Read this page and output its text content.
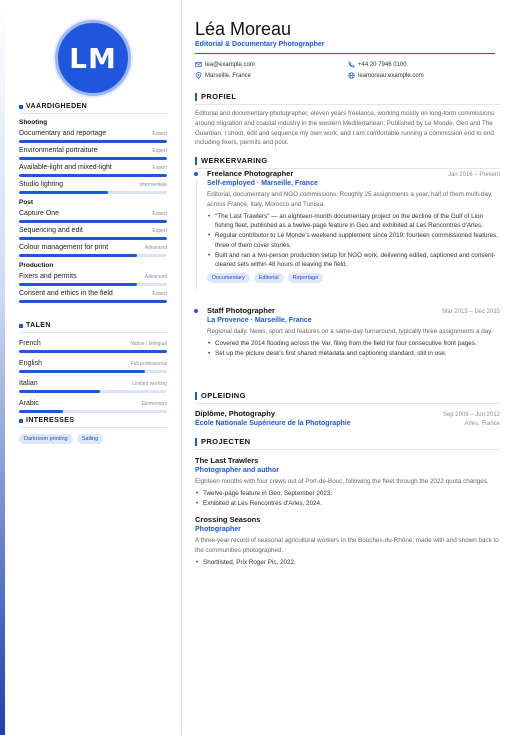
LM
VAARDIGHEDEN
Shooting
Documentary and reportage	Expert
Environmental portraiture	Expert
Available-light and mixed-light	Expert
Studio lighting	Intermediate
Post
Capture One	Expert
Sequencing and edit	Expert
Colour management for print	Advanced
Production
Fixers and permits	Advanced
Consent and ethics in the field	Expert
TALEN
French	Native / bilingual
English	Full professional
Italian	Limited working
Arabic	Elementary
INTERESSES
Darkroom printing	Sailing
Léa Moreau
Editorial & Documentary Photographer
lea@example.com	+44 20 7946 0100
Marseille, France	leamoreau.example.com
PROFIEL

Editorial and documentary photographer, eleven years freelance, working mostly on long-form commissions around migration and coastal industry in the western Mediterranean. Published by Le Monde, Geo and The Guardian. I shoot, edit and sequence my own work, and I am comfortable running a commission end to end including fixers, permits and post.

WERKERVARING
Freelance Photographer	Jan 2016 – Present
Self-employed · Marseille, France

Editorial, documentary and NGO commissions. Roughly 25 assignments a year, half of them multi-day, across France, Italy, Morocco and Tunisia.

• "The Last Trawlers" — an eighteen-month documentary project on the decline of the Gulf of Lion fishing fleet, published as a twelve-page feature in Geo and exhibited at Les Rencontres d'Arles.
• Regular contributor to Le Monde's weekend supplement since 2019; fourteen commissioned features, three of them cover stories.
• Built and ran a two-person production setup for NGO work, delivering edited, captioned and consent-cleared sets within 48 hours of leaving the field.
Documentary	Editorial	Reportage
Staff Photographer	Mar 2013 – Dec 2015
La Provence · Marseille, France

Regional daily. News, sport and features on a same-day turnaround, typically three assignments a day.

• Covered the 2014 flooding across the Var, filing from the field for four consecutive front pages.
• Set up the picture desk's first shared metadata and captioning standard, still in use.
OPLEIDING
Diplôme, Photography	Sep 2009 – Jun 2012
École Nationale Supérieure de la Photographie	Arles, France
PROJECTEN
The Last Trawlers
Photographer and author

Eighteen months with four crews out of Port-de-Bouc, following the fleet through the 2022 quota changes.

• Twelve-page feature in Geo, September 2023.
• Exhibited at Les Rencontres d'Arles, 2024.
Crossing Seasons
Photographer

A three-year record of seasonal agricultural workers in the Bouches-du-Rhône, made with and shown back to the communities photographed.

• Shortlisted, Prix Roger Pic, 2022.
